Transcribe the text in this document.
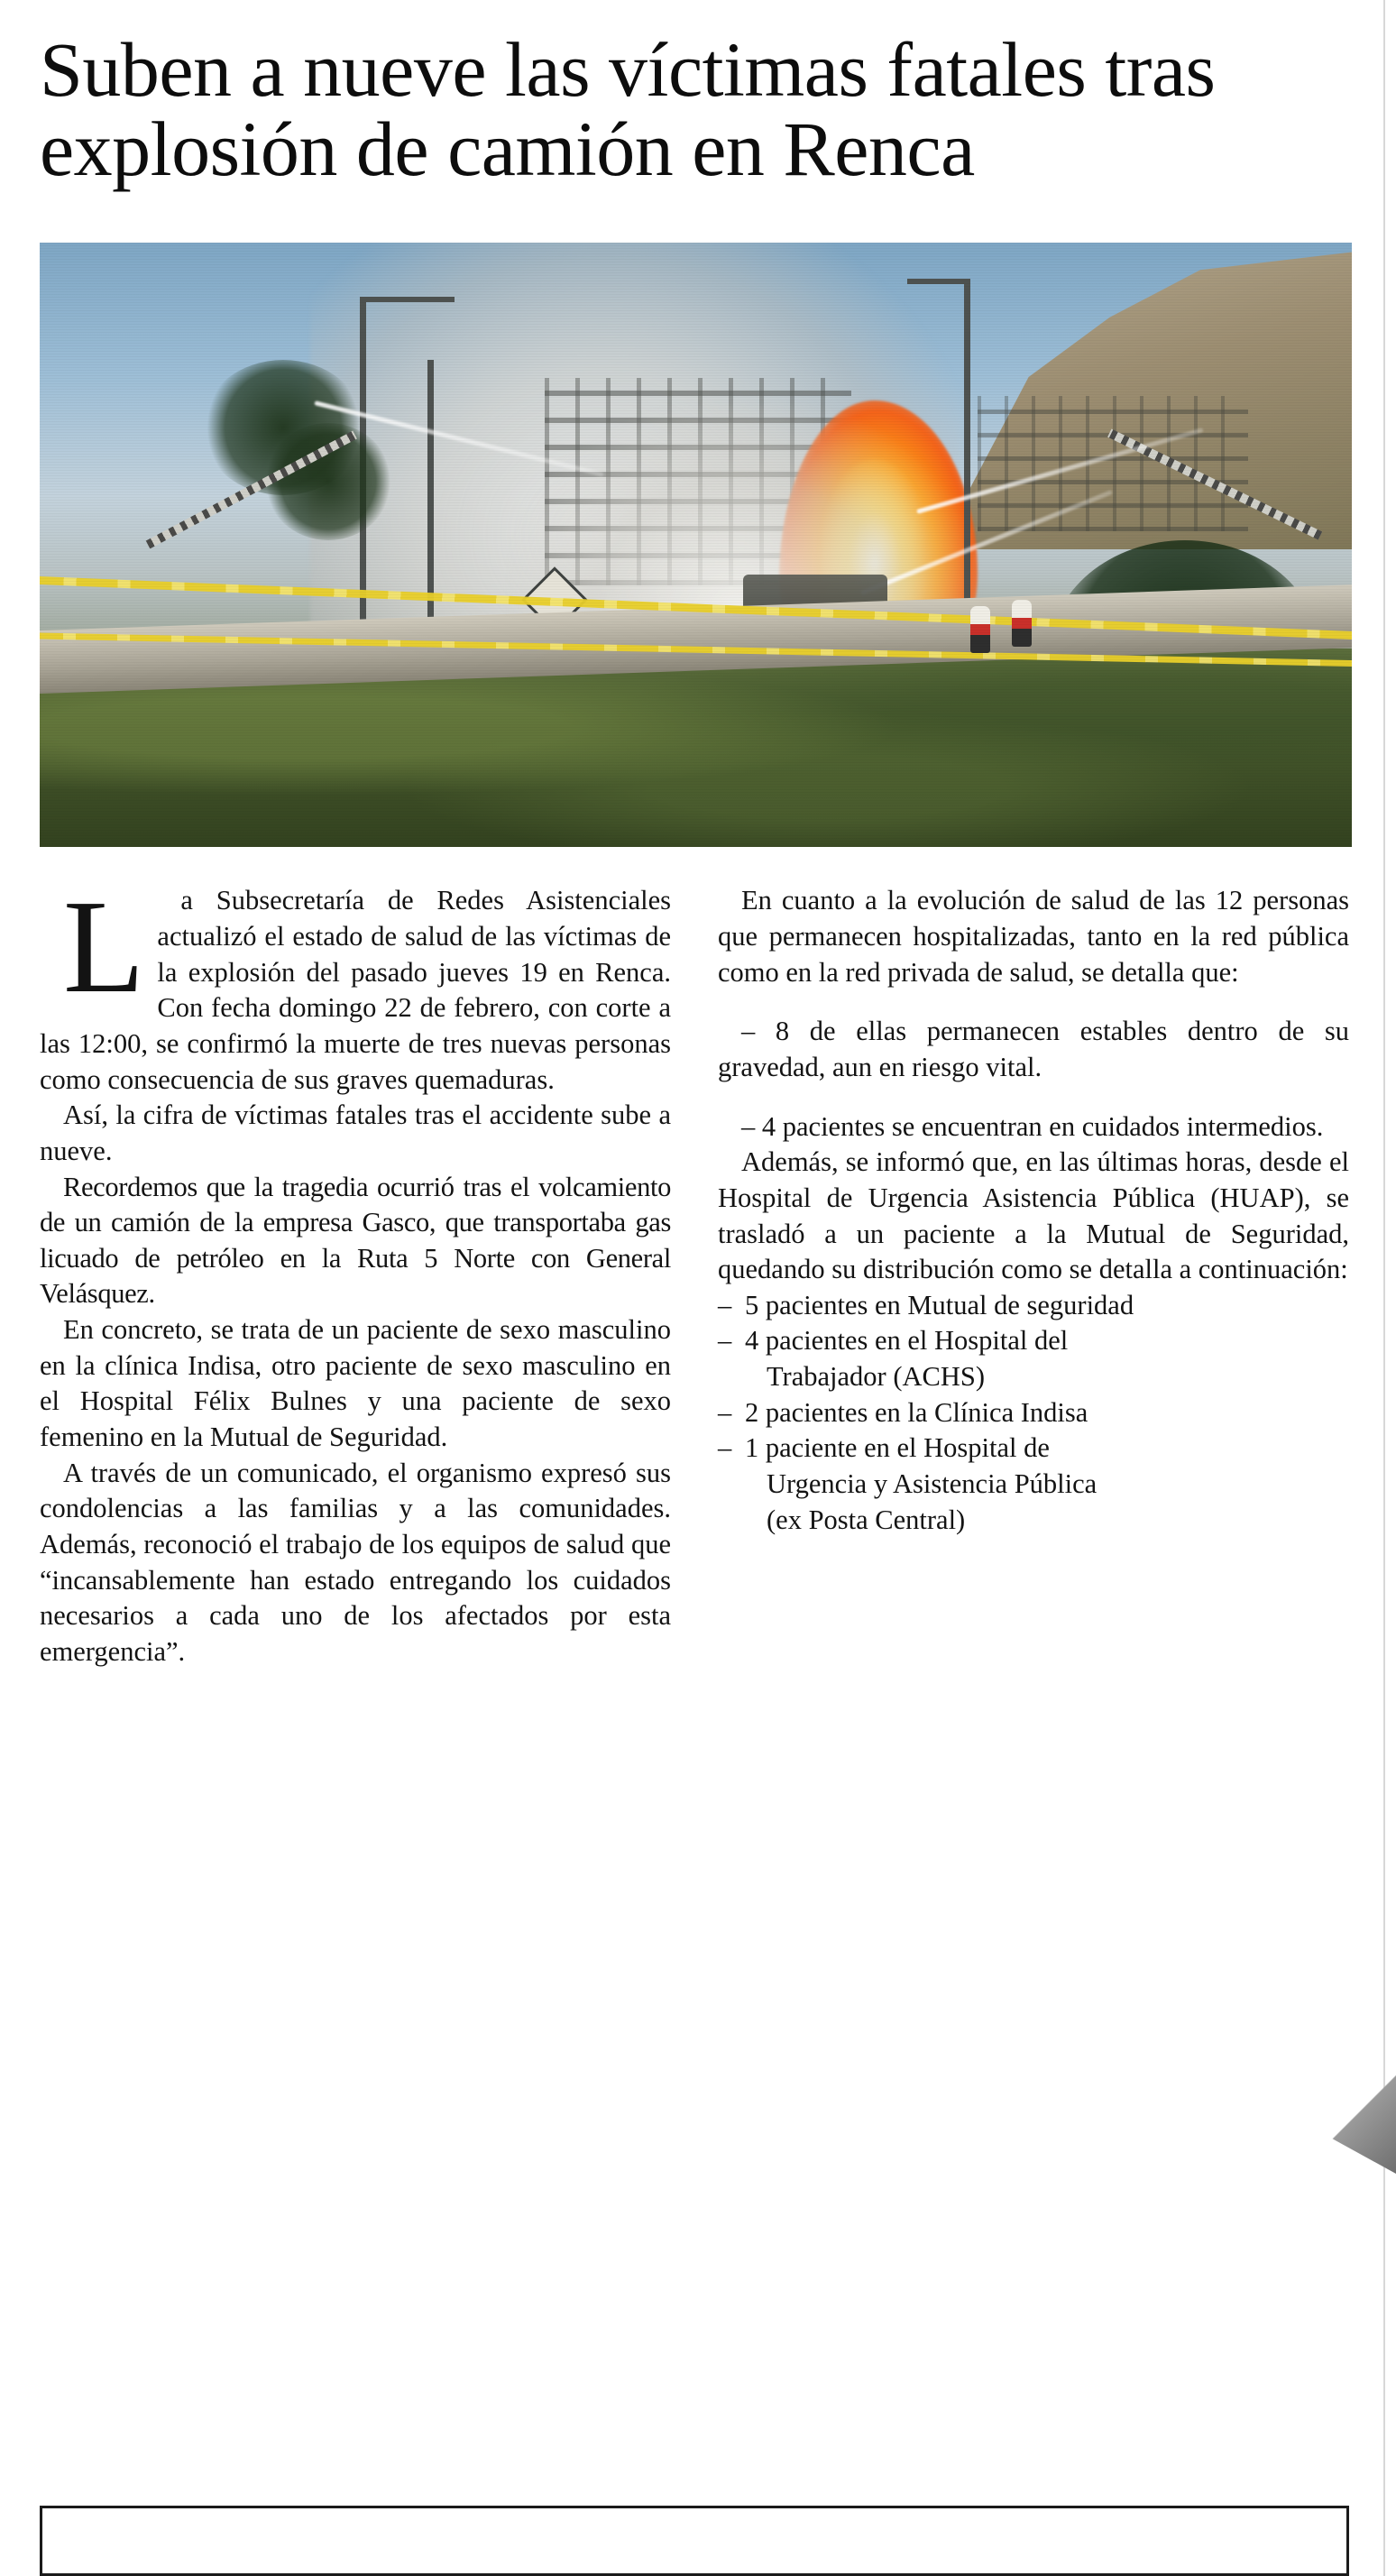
Suben a nueve las víctimas fatales tras explosión de camión en Renca

L	a Subsecretaría de Redes Asistenciales actualizó el estado de salud de las víctimas de la explosión del pasado jueves 19 en Renca. Con fecha domingo 22 de febrero, con corte a las 12:00, se confirmó la muerte de tres nuevas personas como consecuencia de sus graves quemaduras.

Así, la cifra de víctimas fatales tras el accidente sube a nueve.

Recordemos que la tragedia ocurrió tras el volcamiento de un camión de la empresa Gasco, que transportaba gas licuado de petróleo en la Ruta 5 Norte con General Velásquez.

En concreto, se trata de un paciente de sexo masculino en la clínica Indisa, otro paciente de sexo masculino en el Hospital Félix Bulnes y una paciente de sexo femenino en la Mutual de Seguridad.

A través de un comunicado, el organismo expresó sus condolencias a las familias y a las comunidades. Además, reconoció el trabajo de los equipos de salud que “incansablemente han estado entregando los cuidados necesarios a cada uno de los afectados por esta emergencia”.

En cuanto a la evolución de salud de las 12 personas que permanecen hospitalizadas, tanto en la red pública como en la red privada de salud, se detalla que:

– 8 de ellas permanecen estables dentro de su gravedad, aun en riesgo vital.

– 4 pacientes se encuentran en cuidados intermedios.

Además, se informó que, en las últimas horas, desde el Hospital de Urgencia Asistencia Pública (HUAP), se trasladó a un paciente a la Mutual de Seguridad, quedando su distribución como se detalla a continuación:

– 5 pacientes en Mutual de seguridad
– 4 pacientes en el Hospital del
Trabajador (ACHS)
– 2 pacientes en la Clínica Indisa
– 1 paciente en el Hospital de
Urgencia y Asistencia Pública
(ex Posta Central)
